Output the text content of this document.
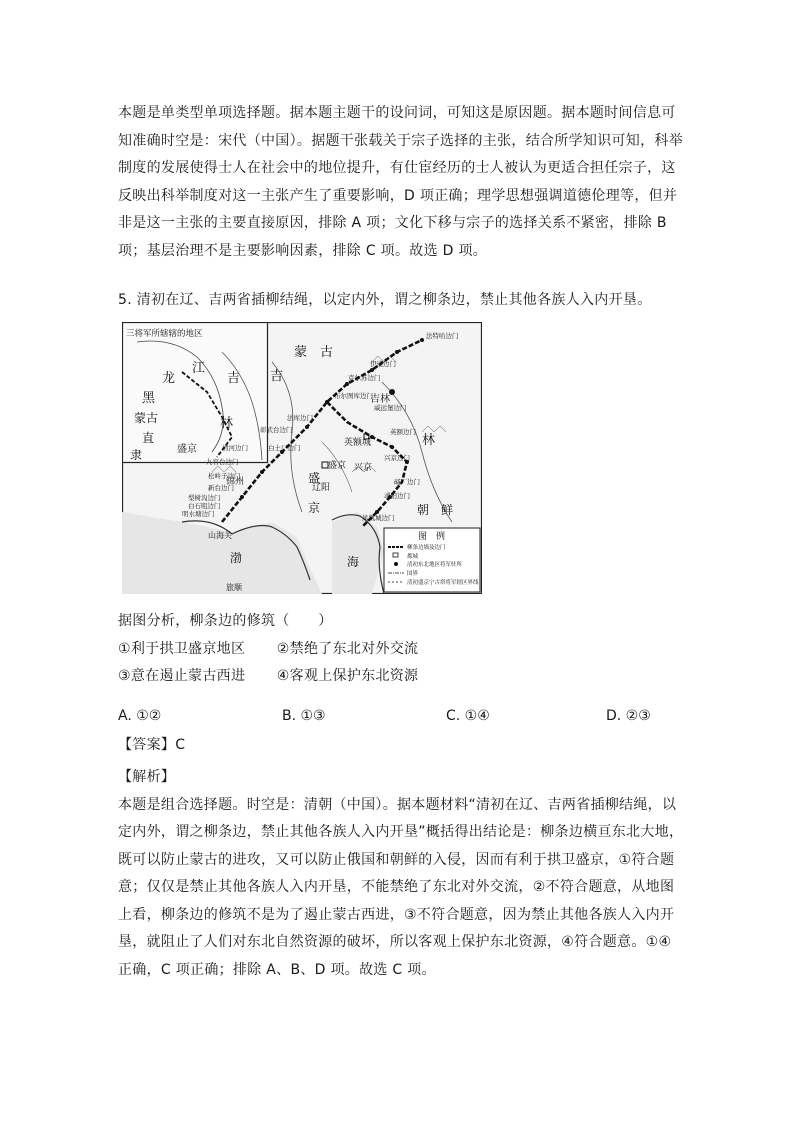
本题是单类型单项选择题。据本题主题干的设问词，可知这是原因题。据本题时间信息可
知准确时空是：宋代（中国）。据题干张载关于宗子选择的主张，结合所学知识可知，科举
制度的发展使得士人在社会中的地位提升，有仕宦经历的士人被认为更适合担任宗子，这
反映出科举制度对这一主张产生了重要影响，D 项正确；理学思想强调道德伦理等，但并
非是这一主张的主要直接原因，排除 A 项；文化下移与宗子的选择关系不紧密，排除 B
项；基层治理不是主要影响因素，排除 C 项。故选 D 项。
5. 清初在辽、吉两省插柳结绳，以定内外，谓之柳条边，禁止其他各族人入内开垦。
三将军所辖辖的地区
江
龙
黑
吉
蒙古	林
直
隶	盛京
蒙　古
吉
吉林
林
朝　鲜
盛
京
渤	海
辽阳
兴京
英额城
盛京
锦州
山海关
旅顺
法特哈边门
伊通边门
克尔苏边门
布尔图库边门
威远堡边门
法库边门
彰武台边门	英额边门
清河边门	白土厂边门
九官台边门	兴京边门
松岭子边门
新台边门
梨树沟边门
碱厂边门
白石咀边门
叆阳边门
明水塘边门	凤凰城边门
图　例
柳条边墙及边门
都城
清初东北地区将军驻所
国界
清初盛京宁古塔将军辖区界线
据图分析，柳条边的修筑（　　）
①利于拱卫盛京地区 ②禁绝了东北对外交流
③意在遏止蒙古西进 ④客观上保护东北资源
A. ①②	B. ①③	C. ①④	D. ②③
【答案】C
【解析】
本题是组合选择题。时空是：清朝（中国）。据本题材料“清初在辽、吉两省插柳结绳，以
定内外，谓之柳条边，禁止其他各族人入内开垦”概括得出结论是：柳条边横亘东北大地，
既可以防止蒙古的进攻，又可以防止俄国和朝鲜的入侵，因而有利于拱卫盛京，①符合题
意；仅仅是禁止其他各族人入内开垦，不能禁绝了东北对外交流，②不符合题意，从地图
上看，柳条边的修筑不是为了遏止蒙古西进，③不符合题意，因为禁止其他各族人入内开
垦，就阻止了人们对东北自然资源的破坏，所以客观上保护东北资源，④符合题意。①④
正确，C 项正确；排除 A、B、D 项。故选 C 项。
